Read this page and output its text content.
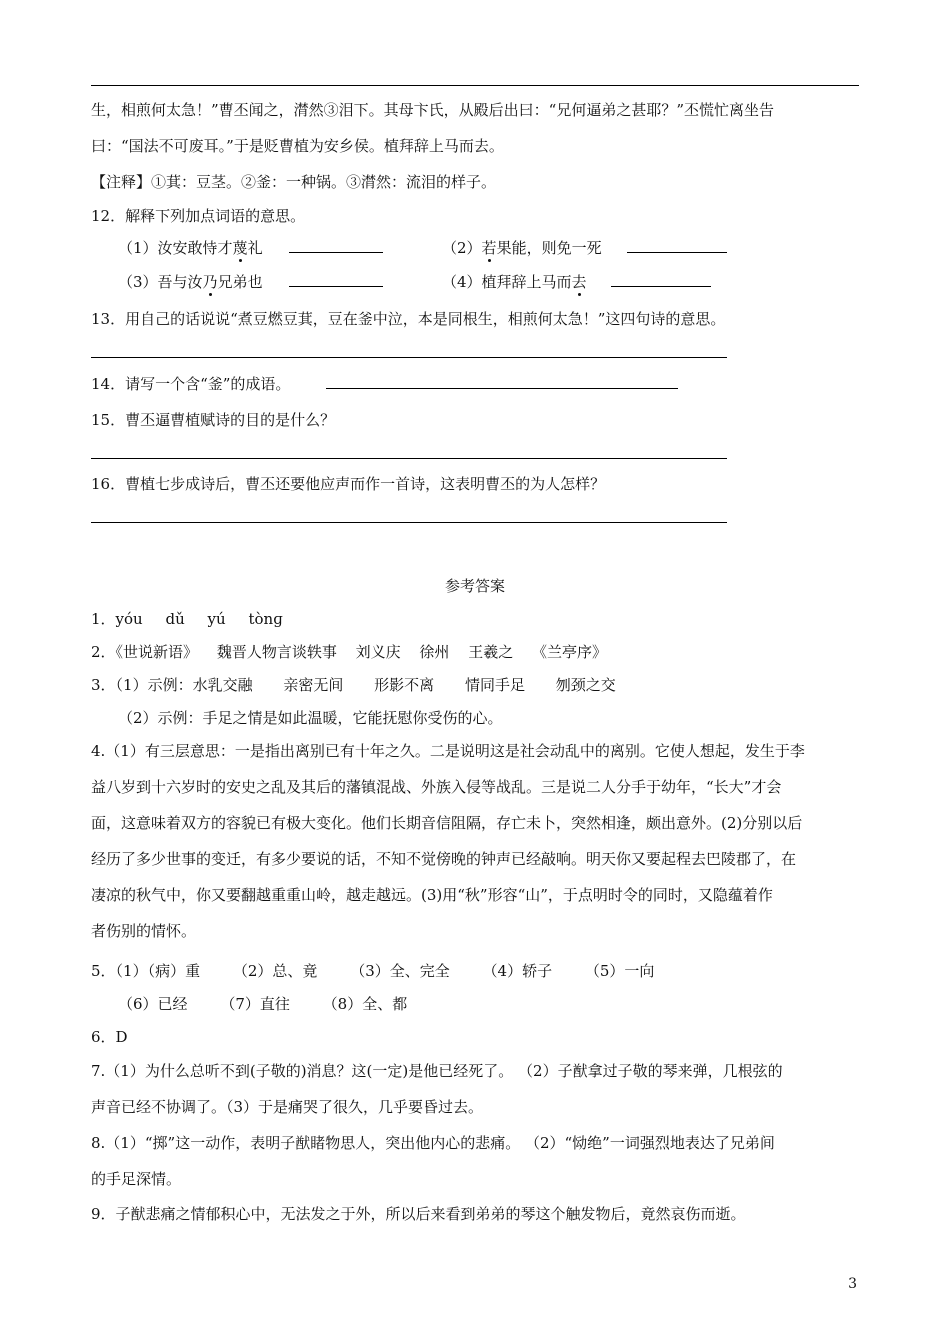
生，相煎何太急！”曹丕闻之，潸然③泪下。其母卞氏，从殿后出曰：“兄何逼弟之甚耶？”丕慌忙离坐告
曰：“国法不可废耳。”于是贬曹植为安乡侯。植拜辞上马而去。
【注释】①萁：豆茎。②釜：一种锅。③潸然：流泪的样子。
12．解释下列加点词语的意思。
（1）汝安敢恃才蔑礼	（2）若果能，则免一死
（3）吾与汝乃兄弟也	（4）植拜辞上马而去
13．用自己的话说说“煮豆燃豆萁，豆在釜中泣，本是同根生，相煎何太急！”这四句诗的意思。
14．请写一个含“釜”的成语。
15．曹丕逼曹植赋诗的目的是什么？
16．曹植七步成诗后，曹丕还要他应声而作一首诗，这表明曹丕的为人怎样？
参考答案
1．yóu dǔ yú tònɡ
2．《世说新语》 魏晋人物言谈轶事 刘义庆 徐州 王羲之 《兰亭序》
3．（1）示例：水乳交融 亲密无间 形影不离 情同手足 刎颈之交
（2）示例：手足之情是如此温暖，它能抚慰你受伤的心。
4.（1）有三层意思：一是指出离别已有十年之久。二是说明这是社会动乱中的离别。它使人想起，发生于李
益八岁到十六岁时的安史之乱及其后的藩镇混战、外族入侵等战乱。三是说二人分手于幼年，“长大”才会
面，这意味着双方的容貌已有极大变化。他们长期音信阻隔，存亡未卜，突然相逢，颇出意外。(2)分别以后
经历了多少世事的变迁，有多少要说的话，不知不觉傍晚的钟声已经敲响。明天你又要起程去巴陵郡了，在
凄凉的秋气中，你又要翻越重重山岭，越走越远。(3)用“秋”形容“山”，于点明时令的同时，又隐蕴着作
者伤别的情怀。
5．（1）（病）重 （2）总、竟 （3）全、完全 （4）轿子 （5）一向
（6）已经 （7）直往 （8）全、都
6．D
7.（1）为什么总听不到(子敬的)消息？这(一定)是他已经死了。 （2）子猷拿过子敬的琴来弹，几根弦的
声音已经不协调了。（3）于是痛哭了很久，几乎要昏过去。
8.（1）“掷”这一动作，表明子猷睹物思人，突出他内心的悲痛。 （2）“恸绝”一词强烈地表达了兄弟间
的手足深情。
9．子猷悲痛之情郁积心中，无法发之于外，所以后来看到弟弟的琴这个触发物后，竟然哀伤而逝。
3
